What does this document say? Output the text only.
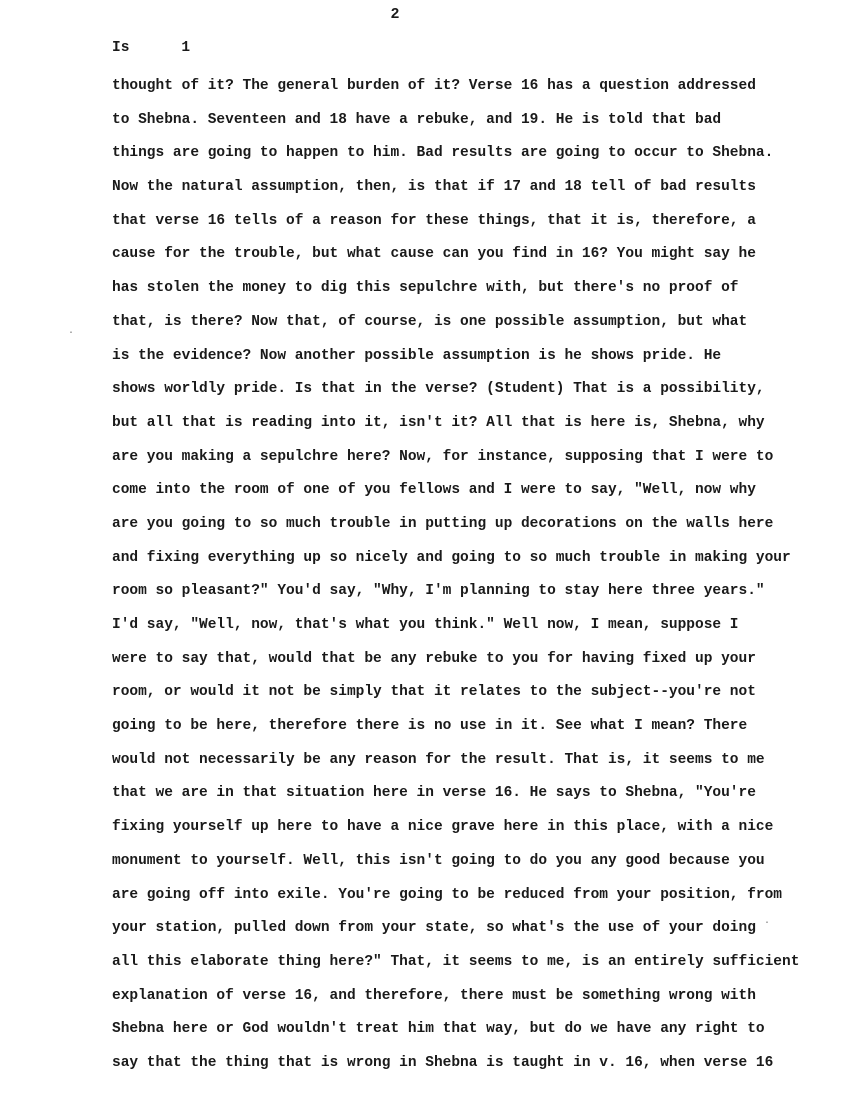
2
Is	1
thought of it? The general burden of it? Verse 16 has a question addressed
to Shebna. Seventeen and 18 have a rebuke, and 19. He is told that bad
things are going to happen to him. Bad results are going to occur to Shebna.
Now the natural assumption, then, is that if 17 and 18 tell of bad results
that verse 16 tells of a reason for these things, that it is, therefore, a
cause for the trouble, but what cause can you find in 16? You might say he
has stolen the money to dig this sepulchre with, but there's no proof of
that, is there? Now that, of course, is one possible assumption, but what
is the evidence? Now another possible assumption is he shows pride. He
shows worldly pride. Is that in the verse? (Student) That is a possibility,
but all that is reading into it, isn't it? All that is here is, Shebna, why
are you making a sepulchre here? Now, for instance, supposing that I were to
come into the room of one of you fellows and I were to say, "Well, now why
are you going to so much trouble in putting up decorations on the walls here
and fixing everything up so nicely and going to so much trouble in making your
room so pleasant?" You'd say, "Why, I'm planning to stay here three years."
I'd say, "Well, now, that's what you think." Well now, I mean, suppose I
were to say that, would that be any rebuke to you for having fixed up your
room, or would it not be simply that it relates to the subject--you're not
going to be here, therefore there is no use in it. See what I mean? There
would not necessarily be any reason for the result. That is, it seems to me
that we are in that situation here in verse 16. He says to Shebna, "You're
fixing yourself up here to have a nice grave here in this place, with a nice
monument to yourself. Well, this isn't going to do you any good because you
are going off into exile. You're going to be reduced from your position, from
your station, pulled down from your state, so what's the use of your doing
all this elaborate thing here?" That, it seems to me, is an entirely sufficient
explanation of verse 16, and therefore, there must be something wrong with
Shebna here or God wouldn't treat him that way, but do we have any right to
say that the thing that is wrong in Shebna is taught in v. 16, when verse 16
·
·
